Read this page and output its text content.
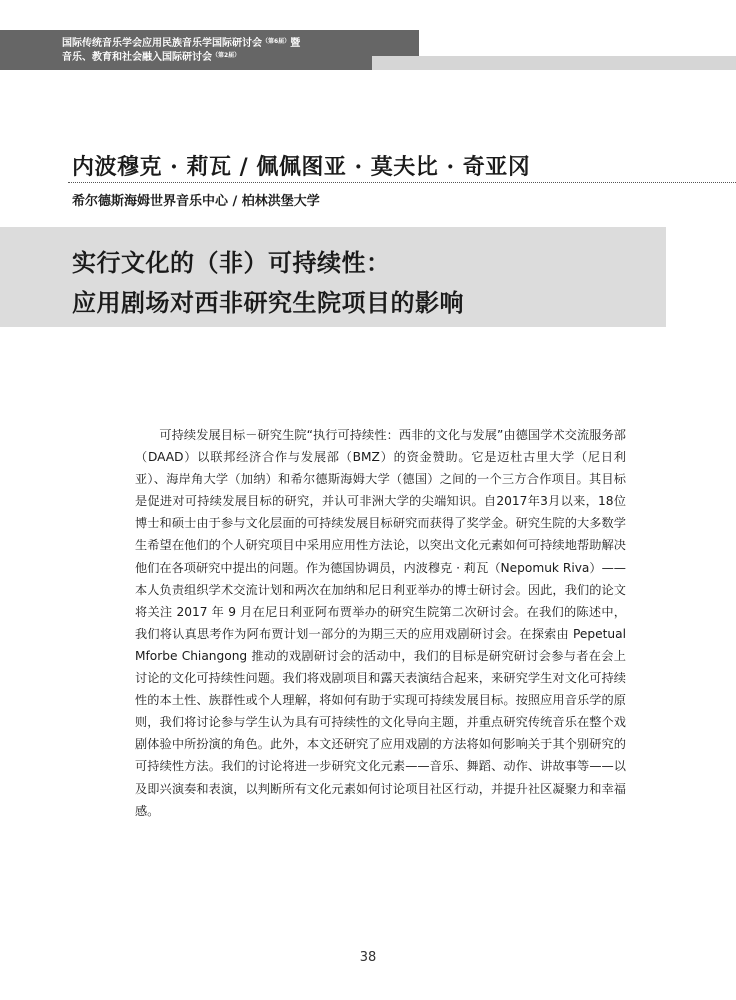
国际传统音乐学会应用民族音乐学国际研讨会$^{(第6届)}$暨
音乐、教育和社会融入国际研讨会$^{(第2届)}$
内波穆克 · 莉瓦 / 佩佩图亚 · 莫夫比 · 奇亚冈
希尔德斯海姆世界音乐中心 / 柏林洪堡大学
实行文化的（非）可持续性：
应用剧场对西非研究生院项目的影响

可持续发展目标－研究生院“执行可持续性：西非的文化与发展”由德国学术交流服务部（DAAD）以联邦经济合作与发展部（BMZ）的资金赞助。它是迈杜古里大学（尼日利亚）、海岸角大学（加纳）和希尔德斯海姆大学（德国）之间的一个三方合作项目。其目标是促进对可持续发展目标的研究，并认可非洲大学的尖端知识。自2017年3月以来，18位博士和硕士由于参与文化层面的可持续发展目标研究而获得了奖学金。研究生院的大多数学生希望在他们的个人研究项目中采用应用性方法论，以突出文化元素如何可持续地帮助解决他们在各项研究中提出的问题。作为德国协调员，内波穆克 · 莉瓦（Nepomuk Riva）——本人负责组织学术交流计划和两次在加纳和尼日利亚举办的博士研讨会。因此，我们的论文将关注 2017 年 9 月在尼日利亚阿布贾举办的研究生院第二次研讨会。在我们的陈述中，我们将认真思考作为阿布贾计划一部分的为期三天的应用戏剧研讨会。在探索由 Pepetual Mforbe Chiangong 推动的戏剧研讨会的活动中，我们的目标是研究研讨会参与者在会上讨论的文化可持续性问题。我们将戏剧项目和露天表演结合起来，来研究学生对文化可持续性的本土性、族群性或个人理解，将如何有助于实现可持续发展目标。按照应用音乐学的原则，我们将讨论参与学生认为具有可持续性的文化导向主题，并重点研究传统音乐在整个戏剧体验中所扮演的角色。此外，本文还研究了应用戏剧的方法将如何影响关于其个别研究的可持续性方法。我们的讨论将进一步研究文化元素——音乐、舞蹈、动作、讲故事等——以及即兴演奏和表演，以判断所有文化元素如何讨论项目社区行动，并提升社区凝聚力和幸福感。

38
